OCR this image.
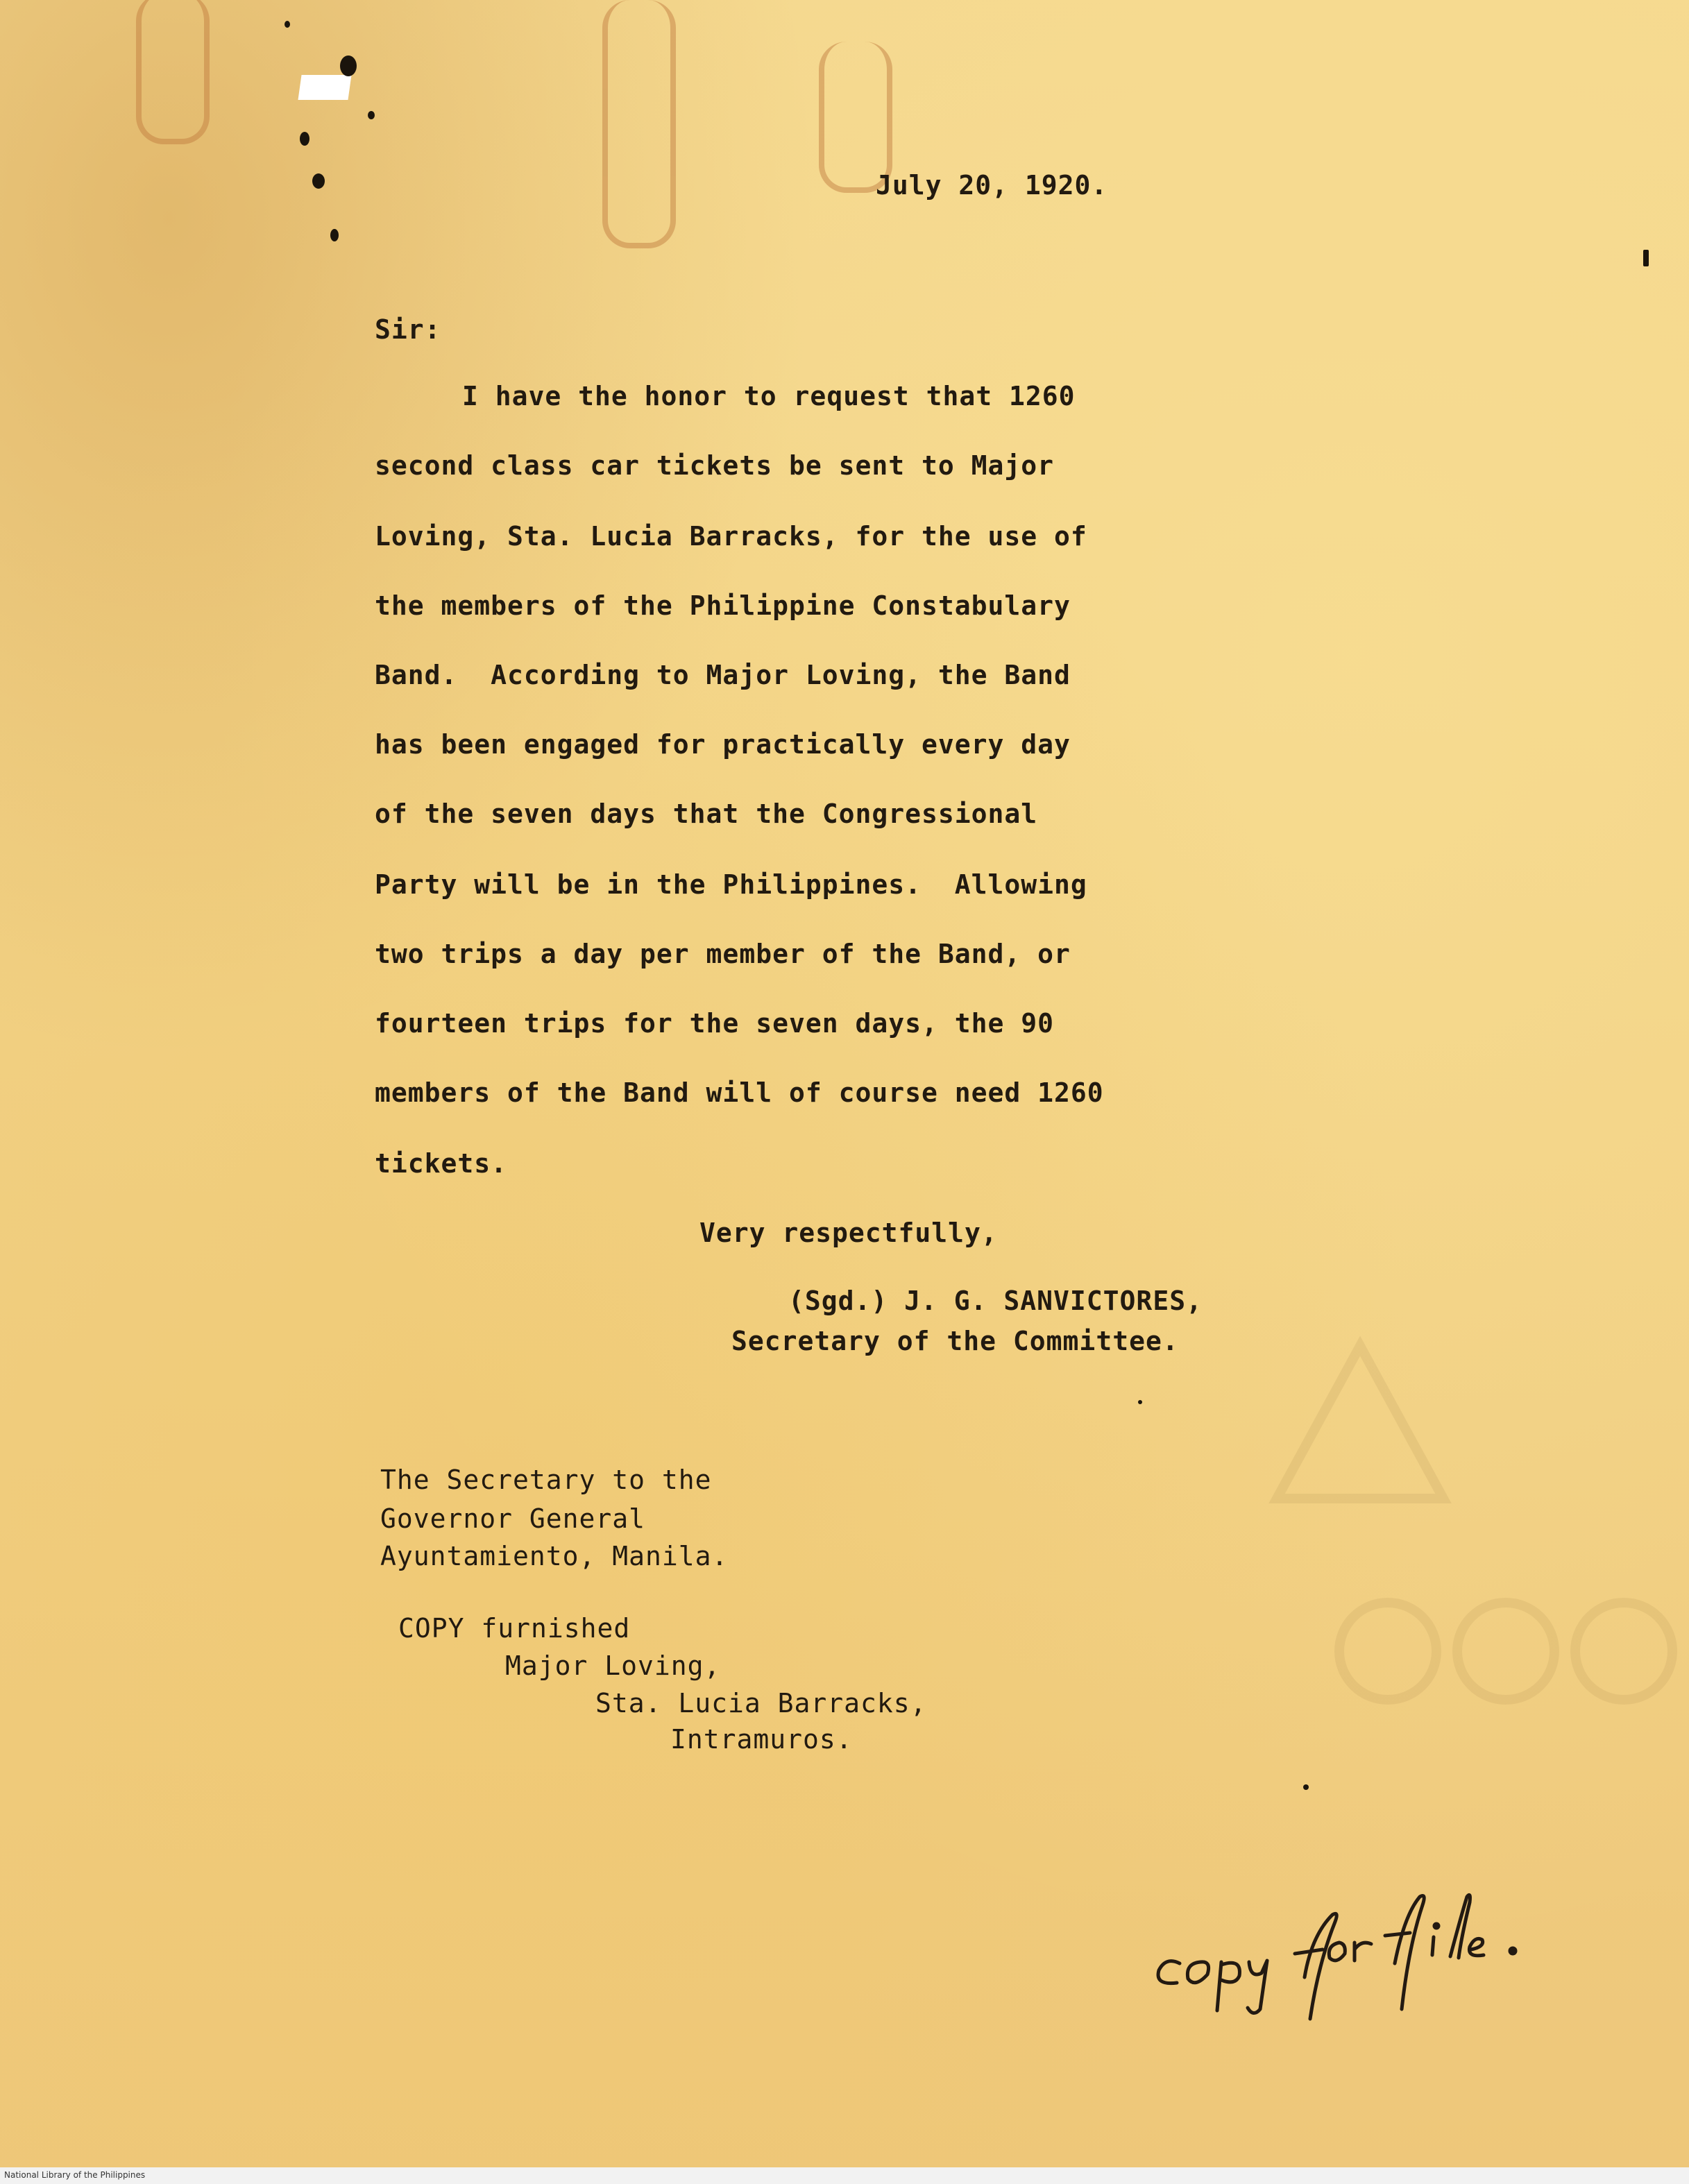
July 20, 1920.
Sir:
I have the honor to request that 1260
second class car tickets be sent to Major
Loving, Sta. Lucia Barracks, for the use of
the members of the Philippine Constabulary
Band.  According to Major Loving, the Band
has been engaged for practically every day
of the seven days that the Congressional
Party will be in the Philippines.  Allowing
two trips a day per member of the Band, or
fourteen trips for the seven days, the 90
members of the Band will of course need 1260
tickets.
Very respectfully,
(Sgd.) J. G. SANVICTORES,
Secretary of the Committee.
The Secretary to the
Governor General
Ayuntamiento, Manila.
COPY furnished
Major Loving,
Sta. Lucia Barracks,
Intramuros.
National Library of the Philippines
